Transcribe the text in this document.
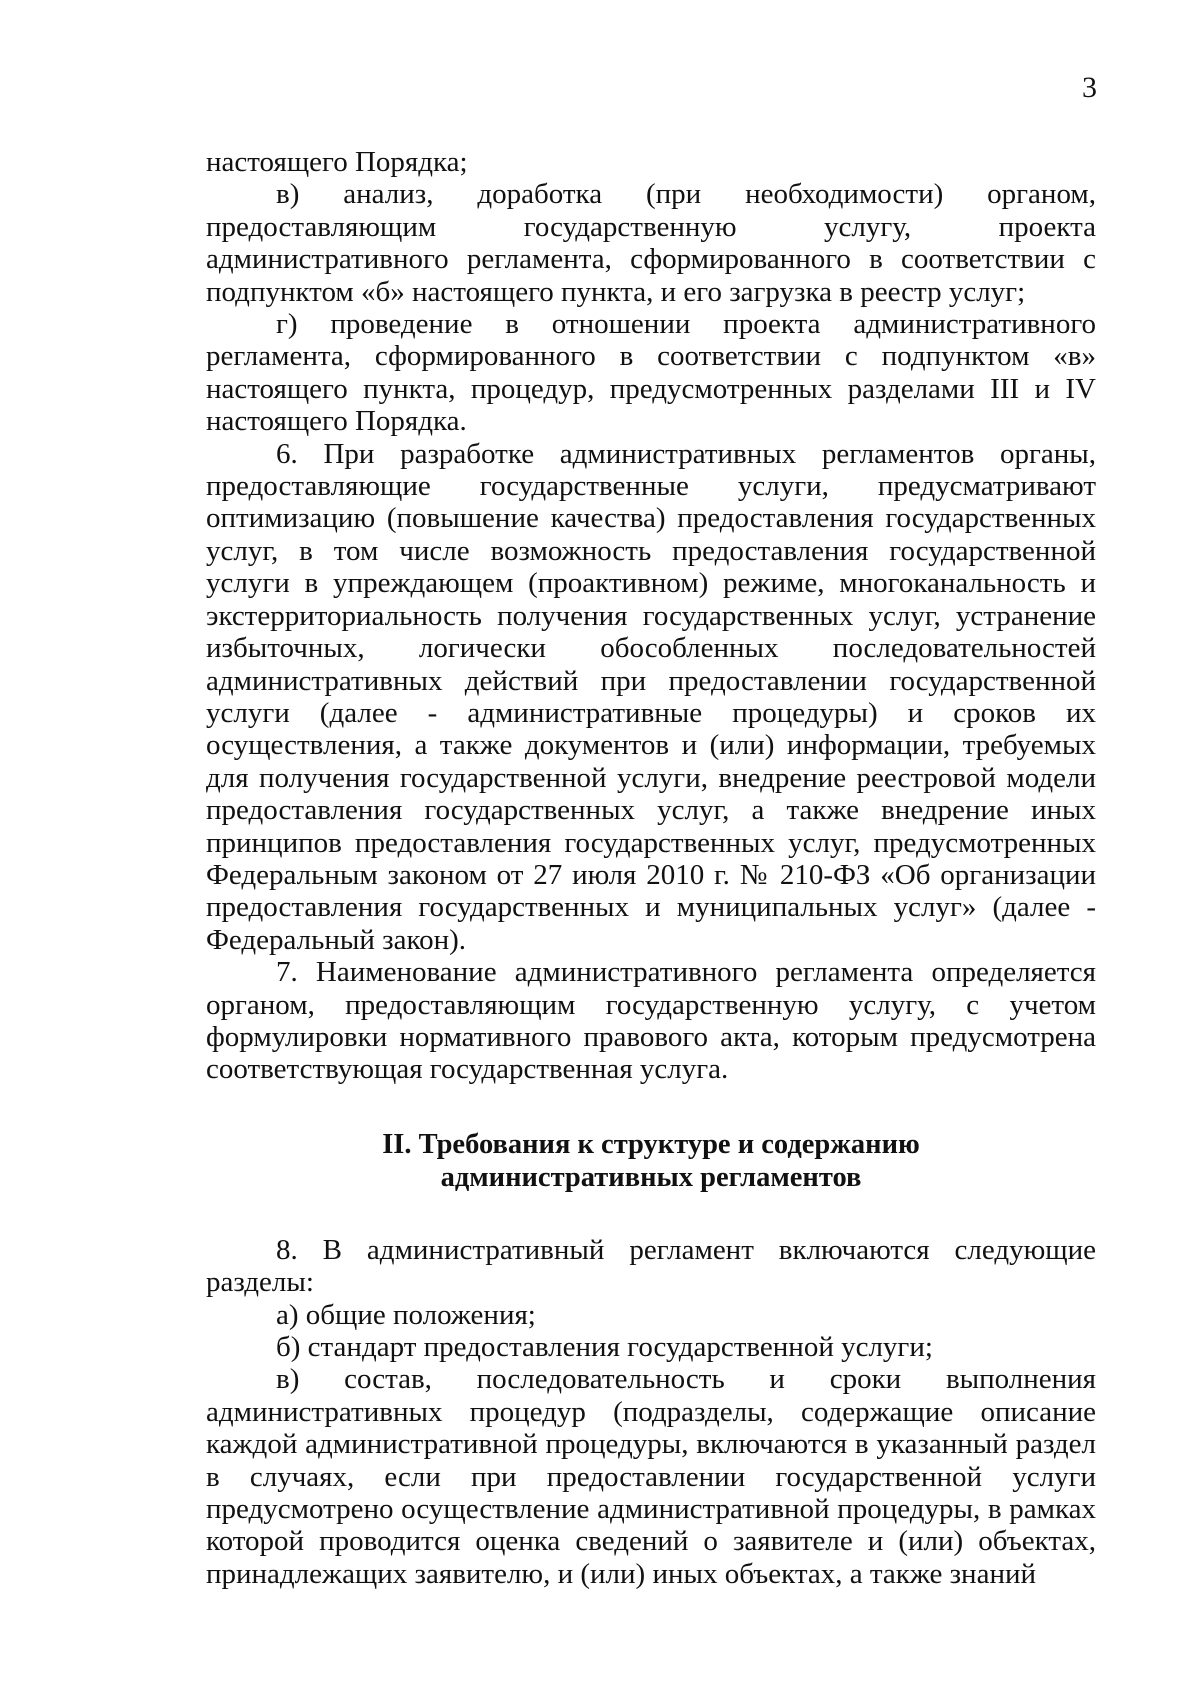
3

настоящего Порядка;

в) анализ, доработка (при необходимости) органом, предоставляющим государственную услугу, проекта административного регламента, сформированного в соответствии с подпунктом «б» настоящего пункта, и его загрузка в реестр услуг;

г) проведение в отношении проекта административного регламента, сформированного в соответствии с подпунктом «в» настоящего пункта, процедур, предусмотренных разделами III и IV настоящего Порядка.

6. При разработке административных регламентов органы, предоставляющие государственные услуги, предусматривают оптимизацию (повышение качества) предоставления государственных услуг, в том числе возможность предоставления государственной услуги в упреждающем (проактивном) режиме, многоканальность и экстерриториальность получения государственных услуг, устранение избыточных, логически обособленных последовательностей административных действий при предоставлении государственной услуги (далее - административные процедуры) и сроков их осуществления, а также документов и (или) информации, требуемых для получения государственной услуги, внедрение реестровой модели предоставления государственных услуг, а также внедрение иных принципов предоставления государственных услуг, предусмотренных Федеральным законом от 27 июля 2010 г. № 210-ФЗ «Об организации предоставления государственных и муниципальных услуг» (далее - Федеральный закон).

7. Наименование административного регламента определяется органом, предоставляющим государственную услугу, с учетом формулировки нормативного правового акта, которым предусмотрена соответствующая государственная услуга.

II. Требования к структуре и содержанию
административных регламентов

8. В административный регламент включаются следующие разделы:

а) общие положения;

б) стандарт предоставления государственной услуги;

в) состав, последовательность и сроки выполнения административных процедур (подразделы, содержащие описание каждой административной процедуры, включаются в указанный раздел в случаях, если при предоставлении государственной услуги предусмотрено осуществление административной процедуры, в рамках которой проводится оценка сведений о заявителе и (или) объектах, принадлежащих заявителю, и (или) иных объектах, а также знаний
